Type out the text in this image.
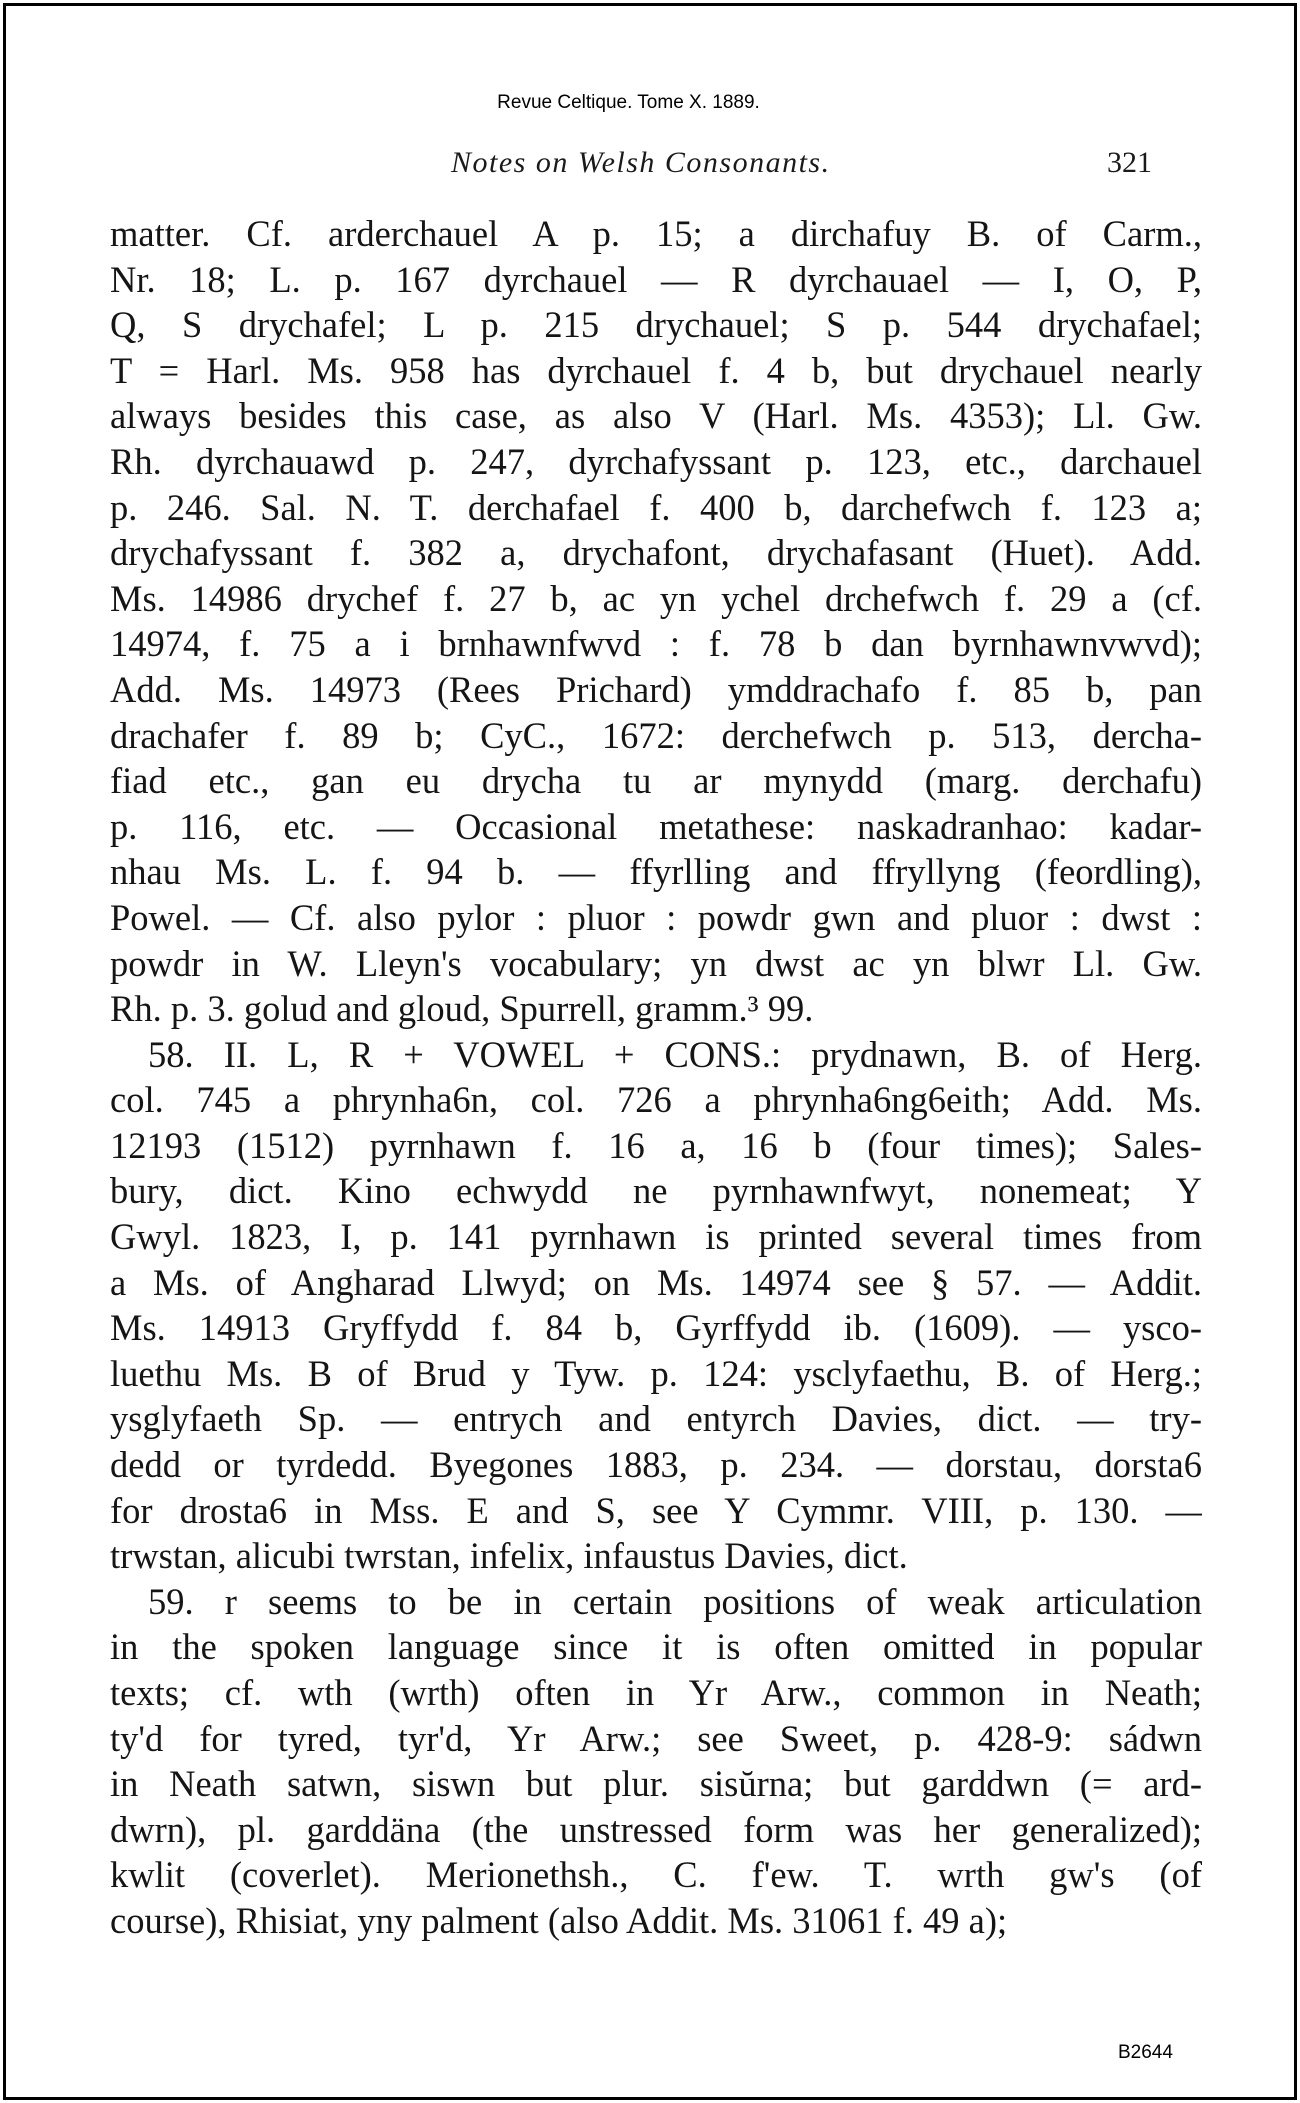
Revue Celtique. Tome X. 1889.
Notes on Welsh Consonants.	321
matter. Cf. arderchauel A p. 15; a dirchafuy B. of Carm.,
Nr. 18; L. p. 167 dyrchauel — R dyrchauael — I, O, P,
Q, S drychafel; L p. 215 drychauel; S p. 544 drychafael;
T = Harl. Ms. 958 has dyrchauel f. 4 b, but drychauel nearly
always besides this case, as also V (Harl. Ms. 4353); Ll. Gw.
Rh. dyrchauawd p. 247, dyrchafyssant p. 123, etc., darchauel
p. 246. Sal. N. T. derchafael f. 400 b, darchefwch f. 123 a;
drychafyssant f. 382 a, drychafont, drychafasant (Huet). Add.
Ms. 14986 drychef f. 27 b, ac yn ychel drchefwch f. 29 a (cf.
14974, f. 75 a i brnhawnfwvd : f. 78 b dan byrnhawnvwvd);
Add. Ms. 14973 (Rees Prichard) ymddrachafo f. 85 b, pan
drachafer f. 89 b; CyC., 1672: derchefwch p. 513, dercha-
fiad etc., gan eu drycha tu ar mynydd (marg. derchafu)
p. 116, etc. — Occasional metathese: naskadranhao: kadar-
nhau Ms. L. f. 94 b. — ffyrlling and ffryllyng (feordling),
Powel. — Cf. also pylor : pluor : powdr gwn and pluor : dwst :
powdr in W. Lleyn's vocabulary; yn dwst ac yn blwr Ll. Gw.
Rh. p. 3. golud and gloud, Spurrell, gramm.³ 99.
58. II. L, R + VOWEL + CONS.: prydnawn, B. of Herg.
col. 745 a phrynha6n, col. 726 a phrynha6ng6eith; Add. Ms.
12193 (1512) pyrnhawn f. 16 a, 16 b (four times); Sales-
bury, dict. Kino echwydd ne pyrnhawnfwyt, nonemeat; Y
Gwyl. 1823, I, p. 141 pyrnhawn is printed several times from
a Ms. of Angharad Llwyd; on Ms. 14974 see § 57. — Addit.
Ms. 14913 Gryffydd f. 84 b, Gyrffydd ib. (1609). — ysco-
luethu Ms. B of Brud y Tyw. p. 124: ysclyfaethu, B. of Herg.;
ysglyfaeth Sp. — entrych and entyrch Davies, dict. — try-
dedd or tyrdedd. Byegones 1883, p. 234. — dorstau, dorsta6
for drosta6 in Mss. E and S, see Y Cymmr. VIII, p. 130. —
trwstan, alicubi twrstan, infelix, infaustus Davies, dict.
59. r seems to be in certain positions of weak articulation
in the spoken language since it is often omitted in popular
texts; cf. wth (wrth) often in Yr Arw., common in Neath;
ty'd for tyred, tyr'd, Yr Arw.; see Sweet, p. 428-9: sádwn
in Neath satwn, siswn but plur. sisŭrna; but garddwn (= ard-
dwrn), pl. garddäna (the unstressed form was her generalized);
kwlit (coverlet). Merionethsh., C. f'ew. T. wrth gw's (of
course), Rhisiat, yny palment (also Addit. Ms. 31061 f. 49 a);
B2644
